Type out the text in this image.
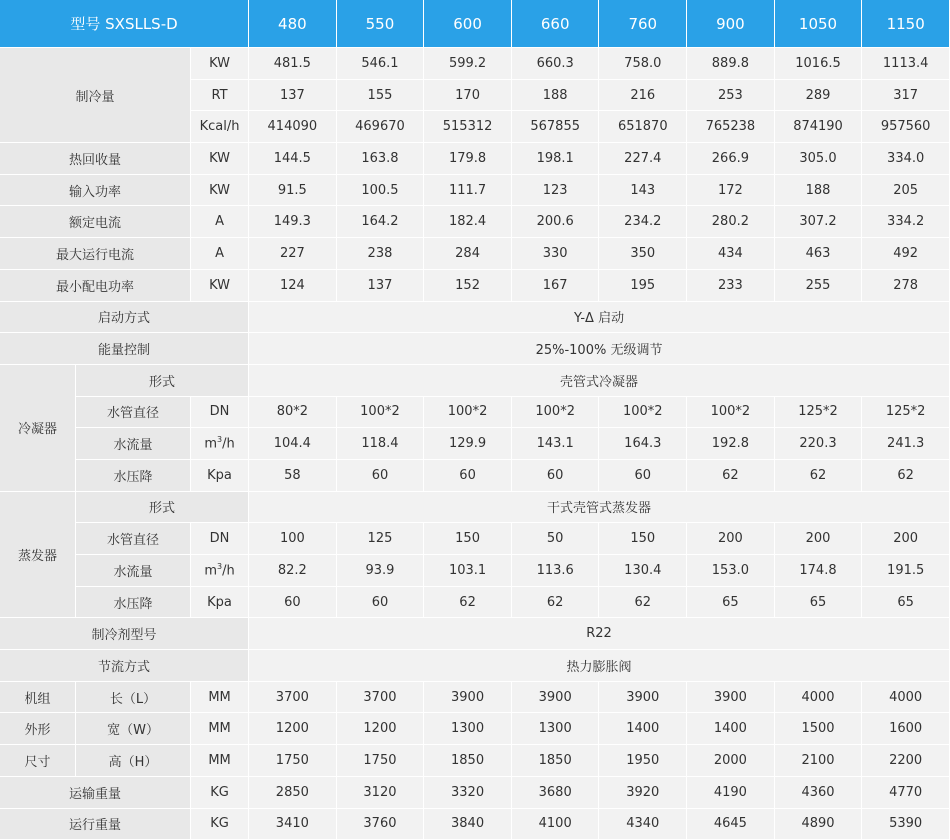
型号 SXSLLS-D			480	550	600	660	760	900	1050	1150
制冷量		KW	481.5	546.1	599.2	660.3	758.0	889.8	1016.5	1113.4
		RT	137	155	170	188	216	253	289	317
		Kcal/h	414090	469670	515312	567855	651870	765238	874190	957560
热回收量		KW	144.5	163.8	179.8	198.1	227.4	266.9	305.0	334.0
输入功率		KW	91.5	100.5	111.7	123	143	172	188	205
额定电流		A	149.3	164.2	182.4	200.6	234.2	280.2	307.2	334.2
最大运行电流		A	227	238	284	330	350	434	463	492
最小配电功率		KW	124	137	152	167	195	233	255	278
启动方式			Y-Δ 启动							
能量控制			25%-100% 无级调节							
冷凝器	形式		壳管式冷凝器							
	水管直径	DN	80*2	100*2	100*2	100*2	100*2	100*2	125*2	125*2
	水流量	$m^3/h$	104.4	118.4	129.9	143.1	164.3	192.8	220.3	241.3
	水压降	Kpa	58	60	60	60	60	62	62	62
蒸发器	形式		干式壳管式蒸发器							
	水管直径	DN	100	125	150	50	150	200	200	200
	水流量	$m^3/h$	82.2	93.9	103.1	113.6	130.4	153.0	174.8	191.5
	水压降	Kpa	60	60	62	62	62	65	65	65
制冷剂型号			R22							
节流方式			热力膨胀阀							
机组	长（L）	MM	3700	3700	3900	3900	3900	3900	4000	4000
外形	宽（W）	MM	1200	1200	1300	1300	1400	1400	1500	1600
尺寸	高（H）	MM	1750	1750	1850	1850	1950	2000	2100	2200
运输重量		KG	2850	3120	3320	3680	3920	4190	4360	4770
运行重量		KG	3410	3760	3840	4100	4340	4645	4890	5390
